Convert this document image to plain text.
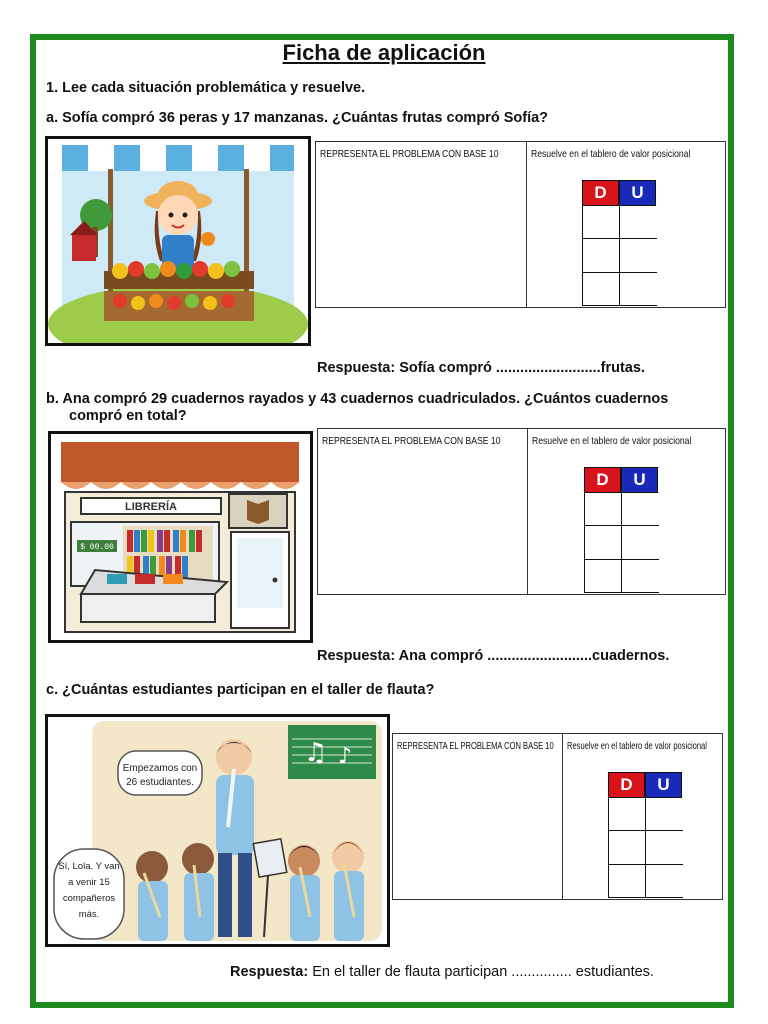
Ficha de aplicación
1. Lee cada situación problemática y resuelve.
a. Sofía compró 36 peras y 17 manzanas. ¿Cuántas frutas compró Sofía?
REPRESENTA EL PROBLEMA CON BASE 10	Resuelve en el tablero de valor posicional
D	U
Respuesta: Sofía compró ..........................frutas.
b. Ana compró 29 cuadernos rayados y 43 cuadernos cuadriculados. ¿Cuántos cuadernos
compró en total?
LIBRERÍA
$ 00.00
REPRESENTA EL PROBLEMA CON BASE 10	Resuelve en el tablero de valor posicional
D	U
Respuesta: Ana compró ..........................cuadernos.
c. ¿Cuántas estudiantes participan en el taller de flauta?
♫ ♪
Empezamos con
26 estudiantes.
Sí, Lola. Y van
a venir 15
compañeros
más.
REPRESENTA EL PROBLEMA CON BASE 10 Resuelve en el tablero de valor posicional
D	U
Respuesta: En el taller de flauta participan ............... estudiantes.
